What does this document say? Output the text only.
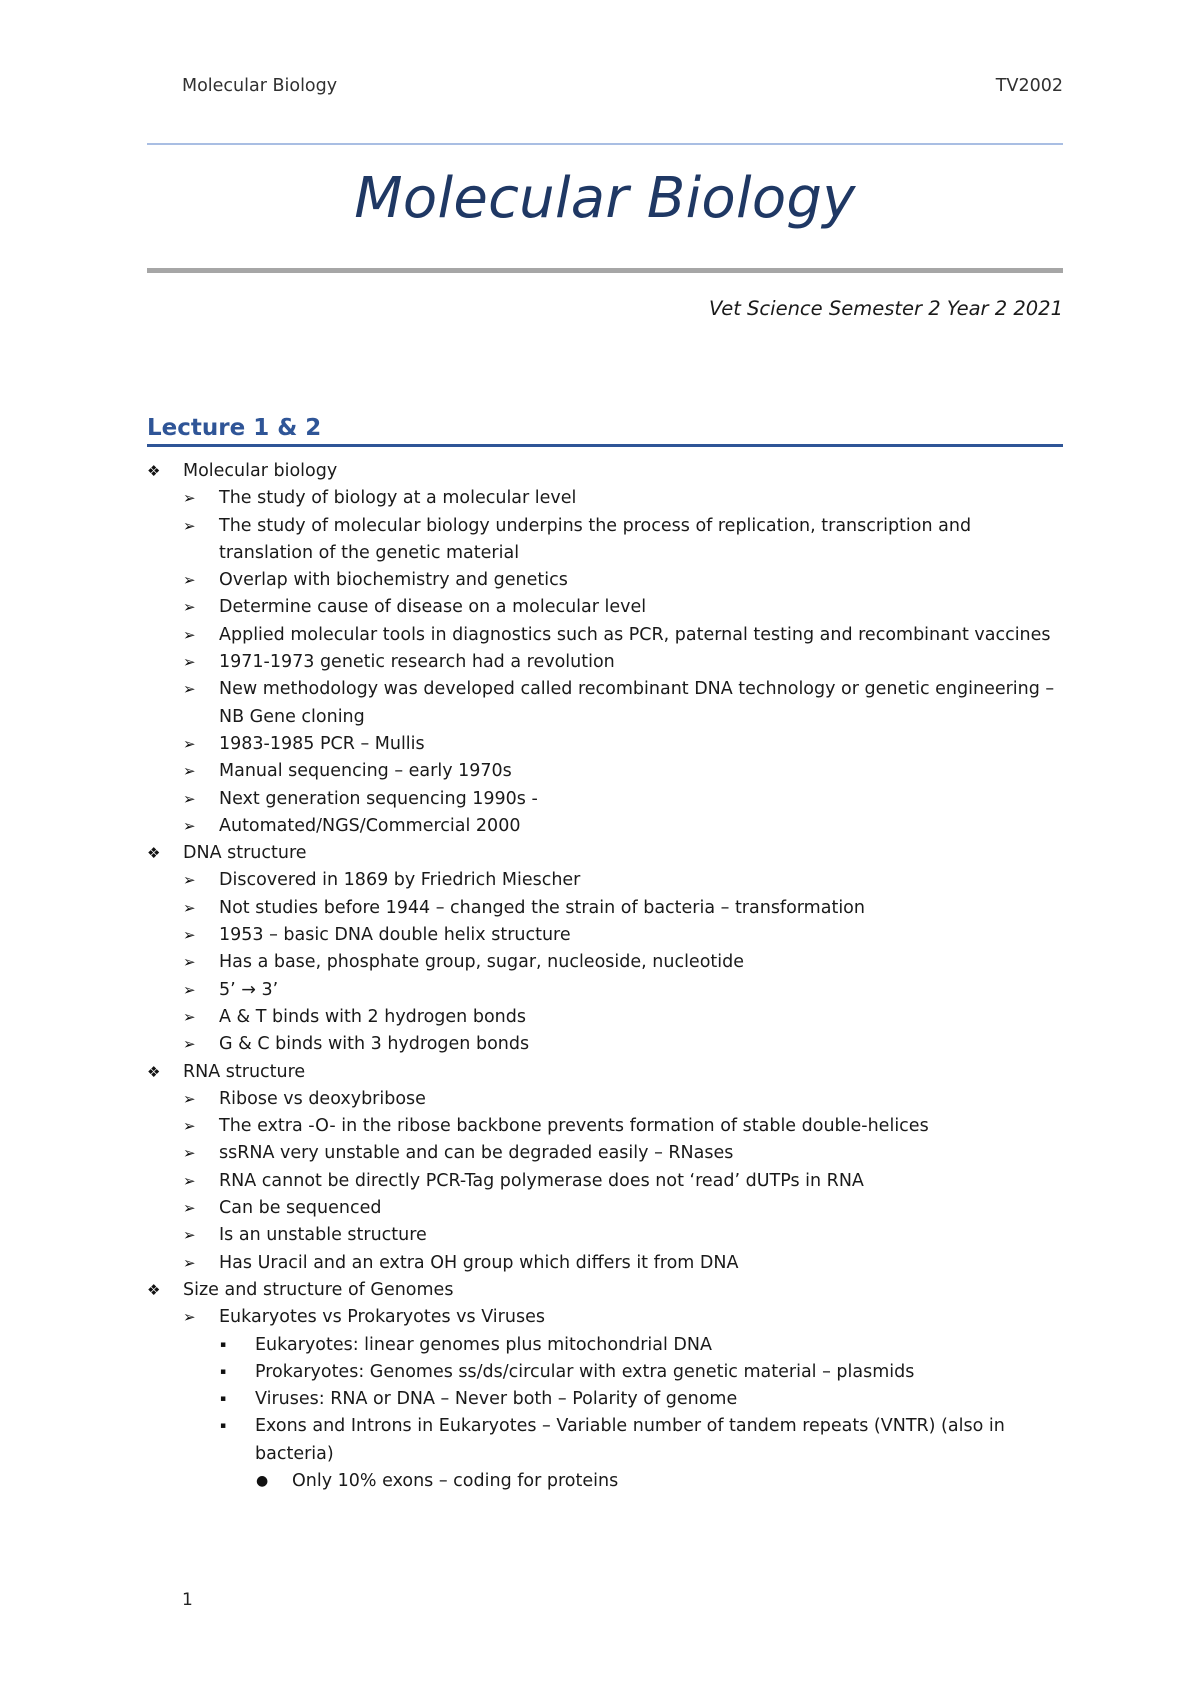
Molecular Biology	TV2002
Molecular Biology
Vet Science Semester 2 Year 2 2021
Lecture 1 & 2
❖	Molecular biology
➢	The study of biology at a molecular level
➢	The study of molecular biology underpins the process of replication, transcription and translation of the genetic material
➢	Overlap with biochemistry and genetics
➢	Determine cause of disease on a molecular level
➢	Applied molecular tools in diagnostics such as PCR, paternal testing and recombinant vaccines
➢	1971-1973 genetic research had a revolution
➢	New methodology was developed called recombinant DNA technology or genetic engineering – NB Gene cloning
➢	1983-1985 PCR – Mullis
➢	Manual sequencing – early 1970s
➢	Next generation sequencing 1990s -
➢	Automated/NGS/Commercial 2000
❖	DNA structure
➢	Discovered in 1869 by Friedrich Miescher
➢	Not studies before 1944 – changed the strain of bacteria – transformation
➢	1953 – basic DNA double helix structure
➢	Has a base, phosphate group, sugar, nucleoside, nucleotide
➢	5’ → 3’
➢	A & T binds with 2 hydrogen bonds
➢	G & C binds with 3 hydrogen bonds
❖	RNA structure
➢	Ribose vs deoxybribose
➢	The extra -O- in the ribose backbone prevents formation of stable double-helices
➢	ssRNA very unstable and can be degraded easily – RNases
➢	RNA cannot be directly PCR-Tag polymerase does not ‘read’ dUTPs in RNA
➢	Can be sequenced
➢	Is an unstable structure
➢	Has Uracil and an extra OH group which differs it from DNA
❖	Size and structure of Genomes
➢	Eukaryotes vs Prokaryotes vs Viruses
▪	Eukaryotes: linear genomes plus mitochondrial DNA
▪	Prokaryotes: Genomes ss/ds/circular with extra genetic material – plasmids
▪	Viruses: RNA or DNA – Never both – Polarity of genome
▪	Exons and Introns in Eukaryotes – Variable number of tandem repeats (VNTR) (also in bacteria)
●	Only 10% exons – coding for proteins
1
